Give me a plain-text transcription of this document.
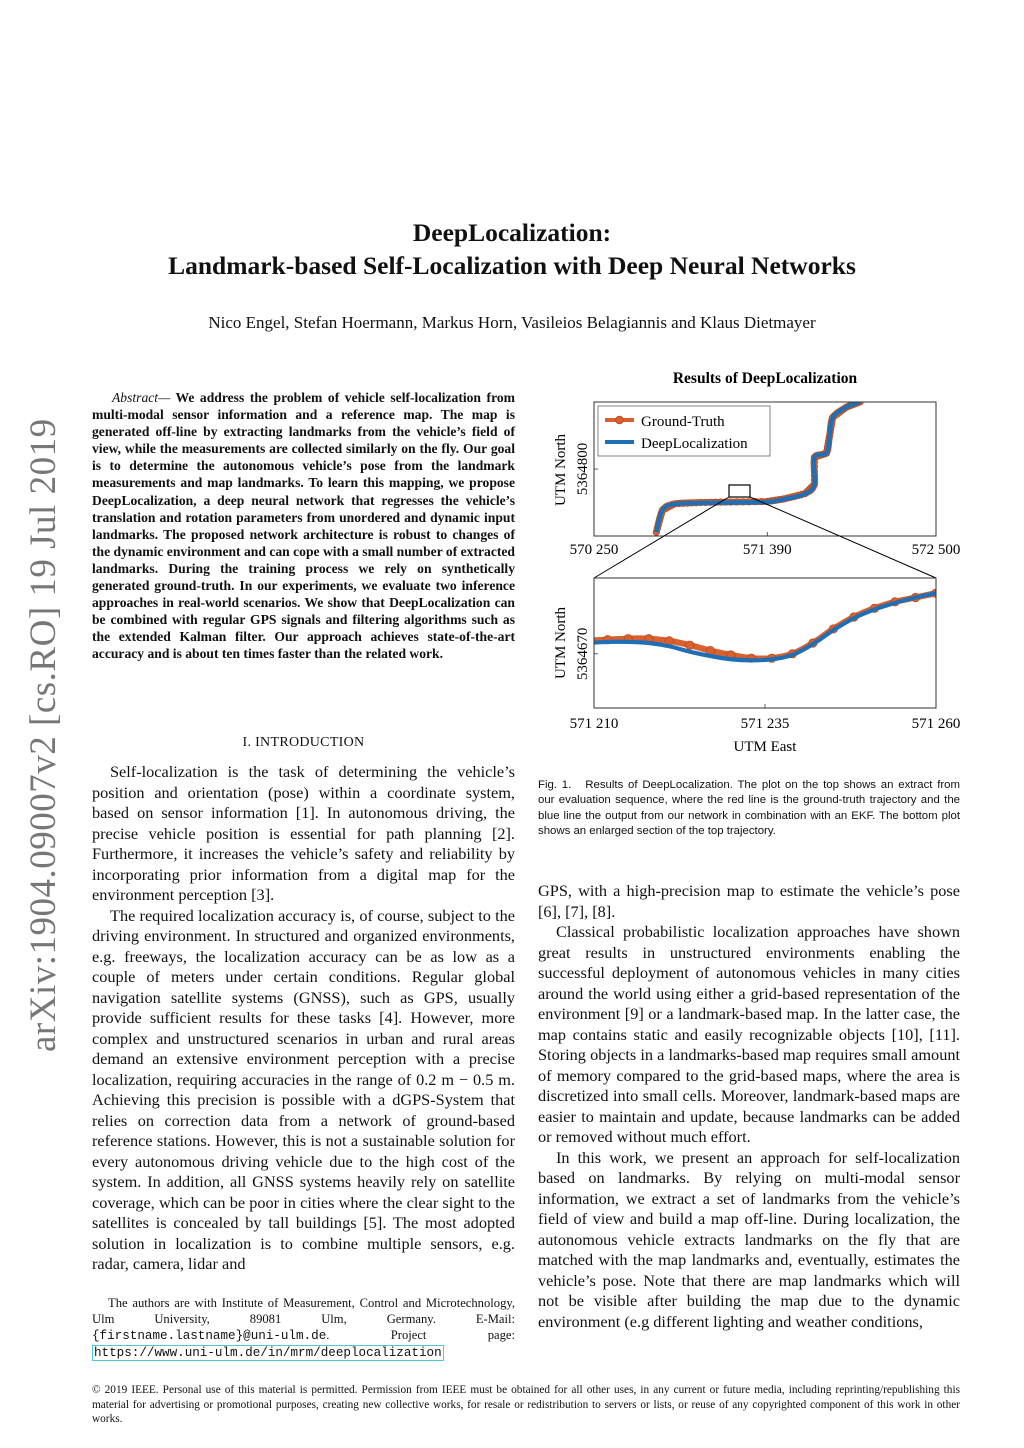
arXiv:1904.09007v2 [cs.RO] 19 Jul 2019
DeepLocalization:
Landmark-based Self-Localization with Deep Neural Networks
Nico Engel, Stefan Hoermann, Markus Horn, Vasileios Belagiannis and Klaus Dietmayer
Abstract— We address the problem of vehicle self-localization from multi-modal sensor information and a reference map. The map is generated off-line by extracting landmarks from the vehicle’s field of view, while the measurements are collected similarly on the fly. Our goal is to determine the autonomous vehicle’s pose from the landmark measurements and map landmarks. To learn this mapping, we propose DeepLocalization, a deep neural network that regresses the vehicle’s translation and rotation parameters from unordered and dynamic input landmarks. The proposed network architecture is robust to changes of the dynamic environment and can cope with a small number of extracted landmarks. During the training process we rely on synthetically generated ground-truth. In our experiments, we evaluate two inference approaches in real-world scenarios. We show that DeepLocalization can be combined with regular GPS signals and filtering algorithms such as the extended Kalman filter. Our approach achieves state-of-the-art accuracy and is about ten times faster than the related work.
I. INTRODUCTION

Self-localization is the task of determining the vehicle’s position and orientation (pose) within a coordinate system, based on sensor information [1]. In autonomous driving, the precise vehicle position is essential for path planning [2]. Furthermore, it increases the vehicle’s safety and reliability by incorporating prior information from a digital map for the environment perception [3].

The required localization accuracy is, of course, subject to the driving environment. In structured and organized environments, e.g. freeways, the localization accuracy can be as low as a couple of meters under certain conditions. Regular global navigation satellite systems (GNSS), such as GPS, usually provide sufficient results for these tasks [4]. However, more complex and unstructured scenarios in urban and rural areas demand an extensive environment perception with a precise localization, requiring accuracies in the range of 0.2 m − 0.5 m. Achieving this precision is possible with a dGPS-System that relies on correction data from a network of ground-based reference stations. However, this is not a sustainable solution for every autonomous driving vehicle due to the high cost of the system. In addition, all GNSS systems heavily rely on satellite coverage, which can be poor in cities where the clear sight to the satellites is concealed by tall buildings [5]. The most adopted solution in localization is to combine multiple sensors, e.g. radar, camera, lidar and

The authors are with Institute of Measurement, Control and Microtechnology, Ulm University, 89081 Ulm, Germany. E-Mail: {firstname.lastname}@uni-ulm.de. Project page: https://www.uni-ulm.de/in/mrm/deeplocalization

Results of DeepLocalization
UTM North 5364800
570 250	571 390	572 500
Ground-Truth
DeepLocalization
UTM North 5364670
571 210	571 235	571 260
UTM East
Fig. 1. Results of DeepLocalization. The plot on the top shows an extract from our evaluation sequence, where the red line is the ground-truth trajectory and the blue line the output from our network in combination with an EKF. The bottom plot shows an enlarged section of the top trajectory.

GPS, with a high-precision map to estimate the vehicle’s pose [6], [7], [8].

Classical probabilistic localization approaches have shown great results in unstructured environments enabling the successful deployment of autonomous vehicles in many cities around the world using either a grid-based representation of the environment [9] or a landmark-based map. In the latter case, the map contains static and easily recognizable objects [10], [11]. Storing objects in a landmarks-based map requires small amount of memory compared to the grid-based maps, where the area is discretized into small cells. Moreover, landmark-based maps are easier to maintain and update, because landmarks can be added or removed without much effort.

In this work, we present an approach for self-localization based on landmarks. By relying on multi-modal sensor information, we extract a set of landmarks from the vehicle’s field of view and build a map off-line. During localization, the autonomous vehicle extracts landmarks on the fly that are matched with the map landmarks and, eventually, estimates the vehicle’s pose. Note that there are map landmarks which will not be visible after building the map due to the dynamic environment (e.g different lighting and weather conditions,

© 2019 IEEE. Personal use of this material is permitted. Permission from IEEE must be obtained for all other uses, in any current or future media, including reprinting/republishing this material for advertising or promotional purposes, creating new collective works, for resale or redistribution to servers or lists, or reuse of any copyrighted component of this work in other works.
